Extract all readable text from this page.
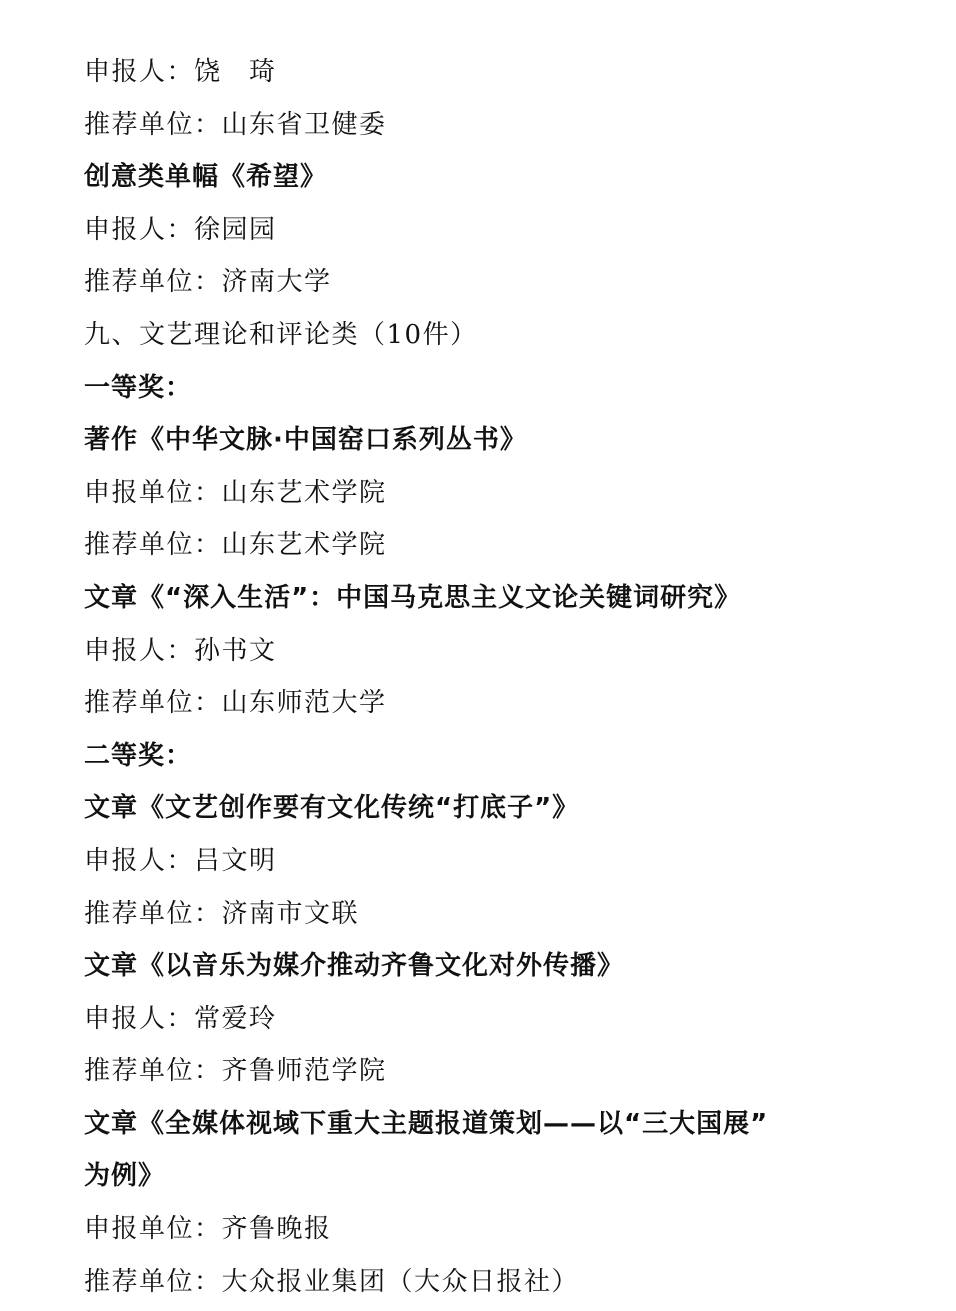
申报人：饶　琦
推荐单位：山东省卫健委
创意类单幅《希望》
申报人：徐园园
推荐单位：济南大学
九、文艺理论和评论类（10件）
一等奖：
著作《中华文脉·中国窑口系列丛书》
申报单位：山东艺术学院
推荐单位：山东艺术学院
文章《“深入生活”：中国马克思主义文论关键词研究》
申报人：孙书文
推荐单位：山东师范大学
二等奖：
文章《文艺创作要有文化传统“打底子”》
申报人：吕文明
推荐单位：济南市文联
文章《以音乐为媒介推动齐鲁文化对外传播》
申报人：常爱玲
推荐单位：齐鲁师范学院
文章《全媒体视域下重大主题报道策划——以“三大国展”
为例》
申报单位：齐鲁晚报
推荐单位：大众报业集团（大众日报社）
